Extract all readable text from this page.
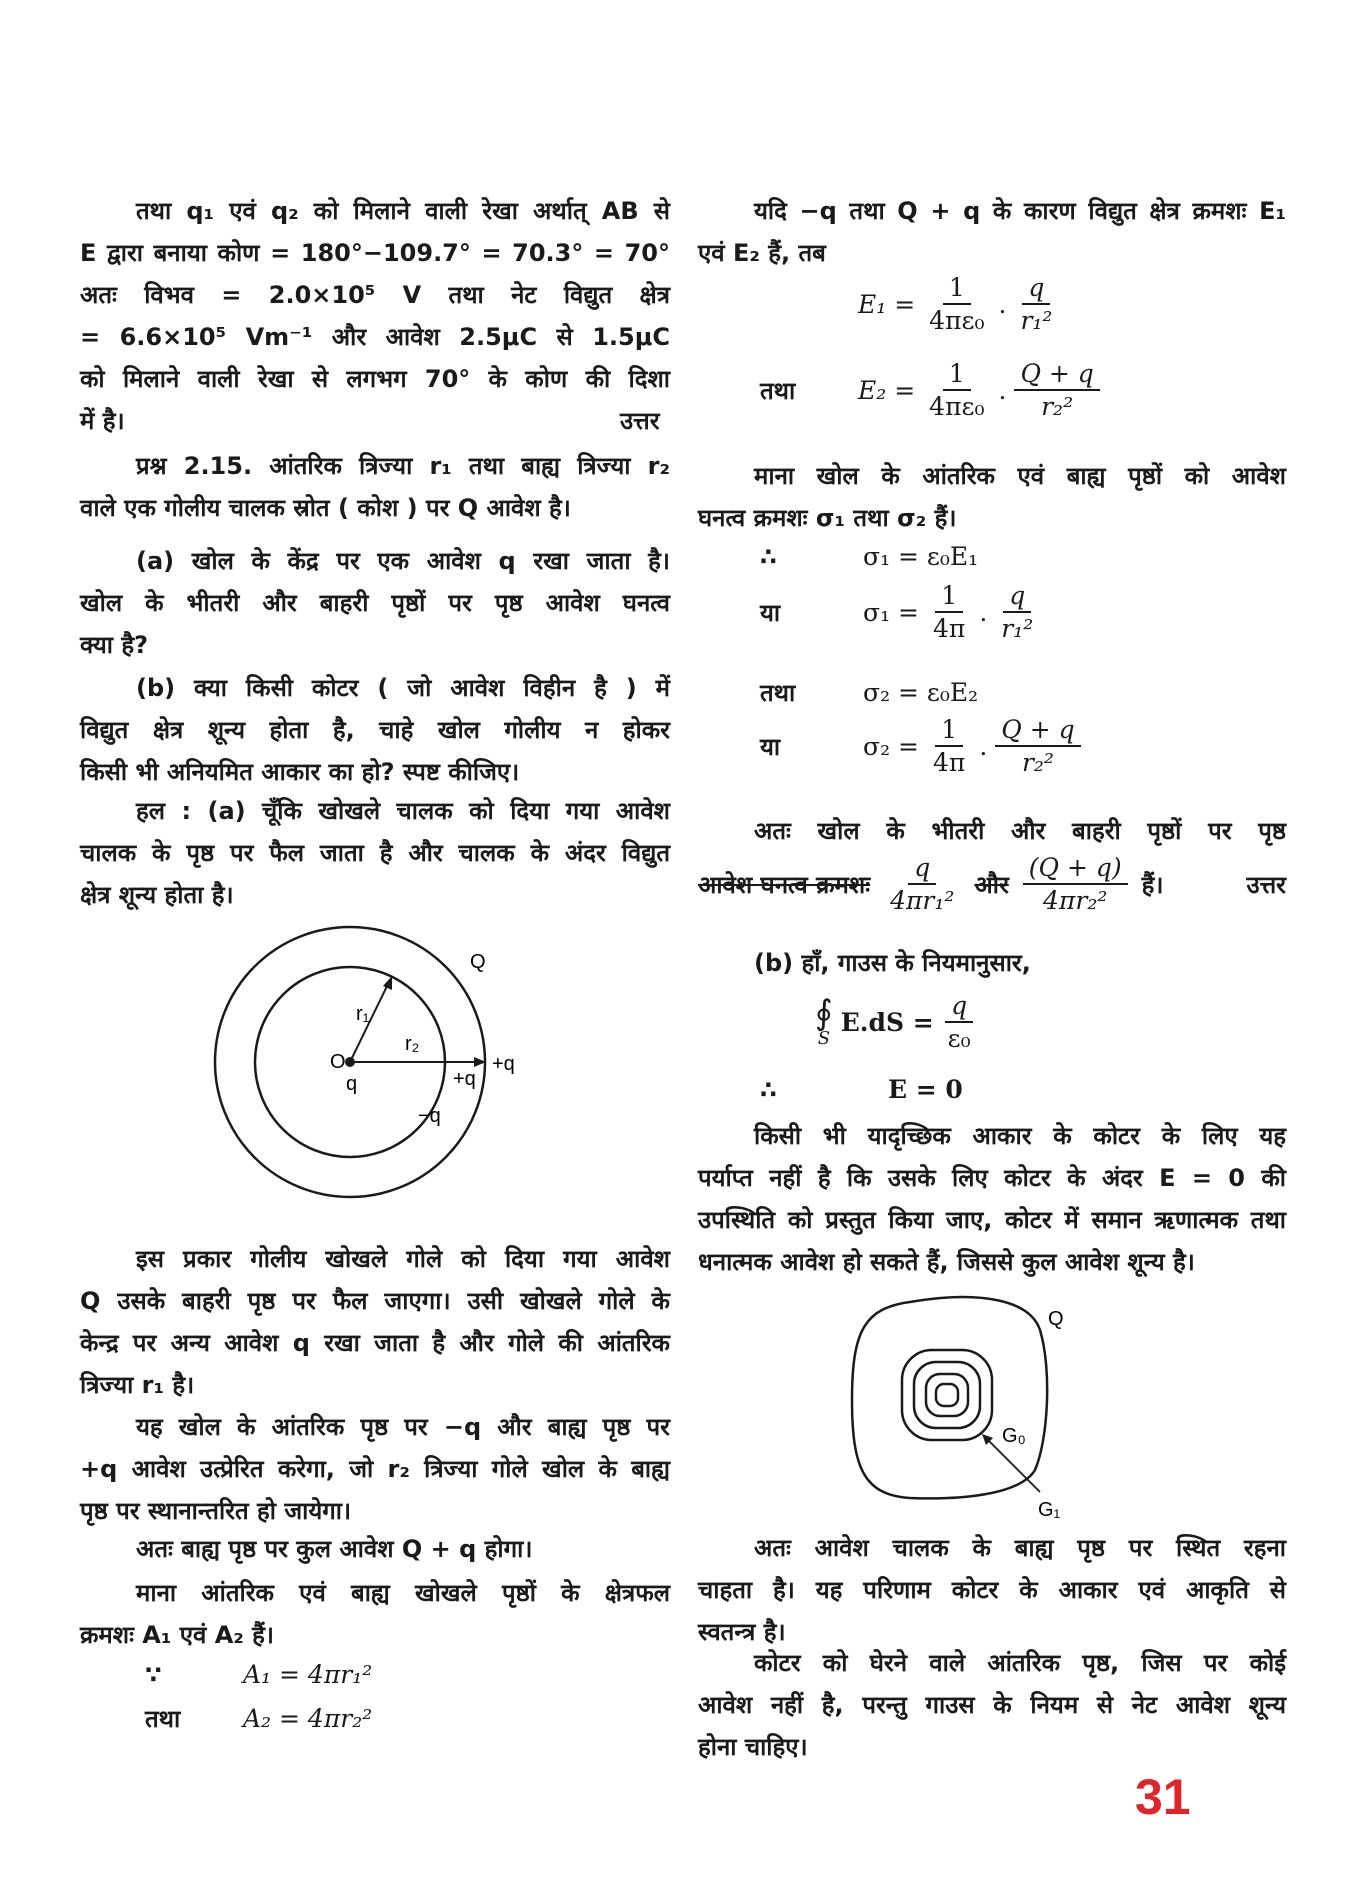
तथा q₁ एवं q₂ को मिलाने वाली रेखा अर्थात् AB से
E द्वारा बनाया कोण = 180°−109.7° = 70.3° = 70°
अतः विभव = 2.0×10⁵ V तथा नेट विद्युत क्षेत्र
= 6.6×10⁵ Vm⁻¹ और आवेश 2.5μC से 1.5μC
को मिलाने वाली रेखा से लगभग 70° के कोण की दिशा
में है।	उत्तर
प्रश्न 2.15. आंतरिक त्रिज्या r₁ तथा बाह्य त्रिज्या r₂
वाले एक गोलीय चालक स्रोत ( कोश ) पर Q आवेश है।
(a) खोल के केंद्र पर एक आवेश q रखा जाता है।
खोल के भीतरी और बाहरी पृष्ठों पर पृष्ठ आवेश घनत्व
क्या है?
(b) क्या किसी कोटर ( जो आवेश विहीन है ) में
विद्युत क्षेत्र शून्य होता है, चाहे खोल गोलीय न होकर
किसी भी अनियमित आकार का हो? स्पष्ट कीजिए।
हल : (a) चूँकि खोखले चालक को दिया गया आवेश
चालक के पृष्ठ पर फैल जाता है और चालक के अंदर विद्युत
क्षेत्र शून्य होता है।
Q
r₁
r₂
O
q	+q
+q
−q
इस प्रकार गोलीय खोखले गोले को दिया गया आवेश
Q उसके बाहरी पृष्ठ पर फैल जाएगा। उसी खोखले गोले के
केन्द्र पर अन्य आवेश q रखा जाता है और गोले की आंतरिक
त्रिज्या r₁ है।
यह खोल के आंतरिक पृष्ठ पर −q और बाह्य पृष्ठ पर
+q आवेश उत्प्रेरित करेगा, जो r₂ त्रिज्या गोले खोल के बाह्य
पृष्ठ पर स्थानान्तरित हो जायेगा।
अतः बाह्य पृष्ठ पर कुल आवेश Q + q होगा।
माना आंतरिक एवं बाह्य खोखले पृष्ठों के क्षेत्रफल
क्रमशः A₁ एवं A₂ हैं।
∵	A₁ = 4πr₁²
तथा	A₂ = 4πr₂²
यदि −q तथा Q + q के कारण विद्युत क्षेत्र क्रमशः E₁
एवं E₂ हैं, तब
$E_1 = \frac{1}{\text{4πε₀}}$ . $\frac{q}{\text{r₁²}}$
तथा	$E_2 = \frac{1}{\text{4πε₀}}$ . $\frac{Q + q}{\text{r₂²}}$
माना खोल के आंतरिक एवं बाह्य पृष्ठों को आवेश
घनत्व क्रमशः σ₁ तथा σ₂ हैं।
∴	σ₁ = ε₀E₁
या	$\sigma_1 = \frac{1}{4\pi}$ . $\frac{q}{\text{r₁²}}$
तथा	σ₂ = ε₀E₂
या	$\sigma_2 = \frac{1}{4\pi}$ . $\frac{Q + q}{\text{r₂²}}$
अतः खोल के भीतरी और बाहरी पृष्ठों पर पृष्ठ
आवेश घनत्व क्रमशः $\frac{q}{\text{4πr₁²}}$ और $\frac{(Q + q)}{\text{4πr₂²}}$ हैं।	उत्तर
(b) हाँ, गाउस के नियमानुसार,
∮
S
$E.dS = \frac{q}{\text{ε₀}}$
∴	E = 0
किसी भी यादृच्छिक आकार के कोटर के लिए यह
पर्याप्त नहीं है कि उसके लिए कोटर के अंदर E = 0 की
उपस्थिति को प्रस्तुत किया जाए, कोटर में समान ऋणात्मक तथा
धनात्मक आवेश हो सकते हैं, जिससे कुल आवेश शून्य है।
Q
G₀
G₁
अतः आवेश चालक के बाह्य पृष्ठ पर स्थित रहना
चाहता है। यह परिणाम कोटर के आकार एवं आकृति से
स्वतन्त्र है।
कोटर को घेरने वाले आंतरिक पृष्ठ, जिस पर कोई
आवेश नहीं है, परन्तु गाउस के नियम से नेट आवेश शून्य
होना चाहिए।
31
